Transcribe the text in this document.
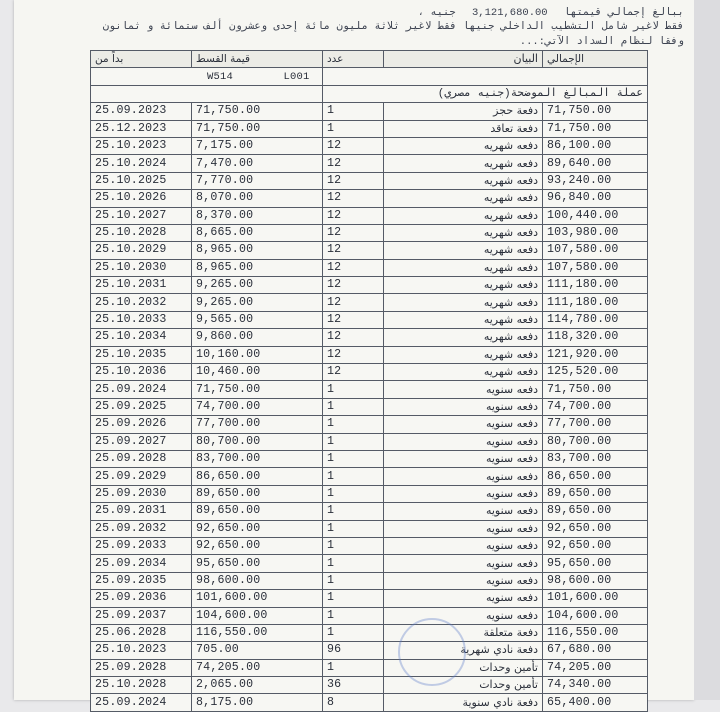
ببالغ إجمالي قيمتها 3,121,680.00 جنيه ،
فقط لاغير شامل التشطيب الداخلي جنيها فقط لاغير ثلاثة مليون مائة إحدى وعشرون ألف ستمائة و ثمانون
وفقا لنظام السداد الآتي:...
W514 L001				
		عملة المبالغ الموضحة(جنيه مصري)		
بداً من	قيمة القسط	عدد	البيان	الإجمالي
25.09.2023	71,750.00	1	دفعة حجز	71,750.00
25.12.2023	71,750.00	1	دفعة تعاقد	71,750.00
25.10.2023	7,175.00	12	دفعه شهريه	86,100.00
25.10.2024	7,470.00	12	دفعه شهريه	89,640.00
25.10.2025	7,770.00	12	دفعه شهريه	93,240.00
25.10.2026	8,070.00	12	دفعه شهريه	96,840.00
25.10.2027	8,370.00	12	دفعه شهريه	100,440.00
25.10.2028	8,665.00	12	دفعه شهريه	103,980.00
25.10.2029	8,965.00	12	دفعه شهريه	107,580.00
25.10.2030	8,965.00	12	دفعه شهريه	107,580.00
25.10.2031	9,265.00	12	دفعه شهريه	111,180.00
25.10.2032	9,265.00	12	دفعه شهريه	111,180.00
25.10.2033	9,565.00	12	دفعه شهريه	114,780.00
25.10.2034	9,860.00	12	دفعه شهريه	118,320.00
25.10.2035	10,160.00	12	دفعه شهريه	121,920.00
25.10.2036	10,460.00	12	دفعه شهريه	125,520.00
25.09.2024	71,750.00	1	دفعه سنويه	71,750.00
25.09.2025	74,700.00	1	دفعه سنويه	74,700.00
25.09.2026	77,700.00	1	دفعه سنويه	77,700.00
25.09.2027	80,700.00	1	دفعه سنويه	80,700.00
25.09.2028	83,700.00	1	دفعه سنويه	83,700.00
25.09.2029	86,650.00	1	دفعه سنويه	86,650.00
25.09.2030	89,650.00	1	دفعه سنويه	89,650.00
25.09.2031	89,650.00	1	دفعه سنويه	89,650.00
25.09.2032	92,650.00	1	دفعه سنويه	92,650.00
25.09.2033	92,650.00	1	دفعه سنويه	92,650.00
25.09.2034	95,650.00	1	دفعه سنويه	95,650.00
25.09.2035	98,600.00	1	دفعه سنويه	98,600.00
25.09.2036	101,600.00	1	دفعه سنويه	101,600.00
25.09.2037	104,600.00	1	دفعه سنويه	104,600.00
25.06.2028	116,550.00	1	دفعة متعلقة	116,550.00
25.10.2023	705.00	96	دفعة نادي شهرية	67,680.00
25.09.2028	74,205.00	1	تأمين وحدات	74,205.00
25.10.2028	2,065.00	36	تأمين وحدات	74,340.00
25.09.2024	8,175.00	8	دفعة نادي سنوية	65,400.00
